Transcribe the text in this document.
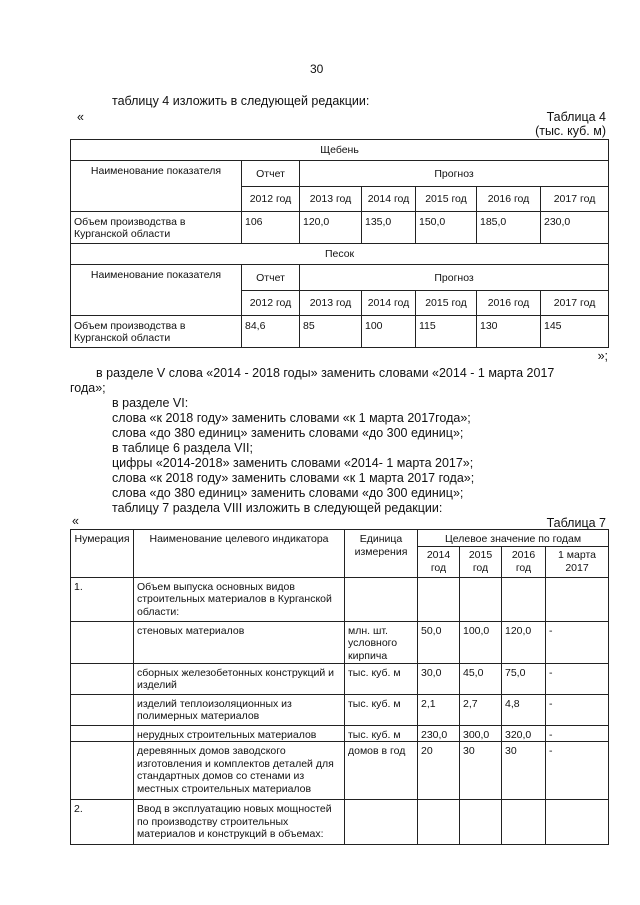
30
таблицу 4 изложить в следующей редакции:
«	Таблица 4
(тыс. куб. м)
Щебень						
Наименование показателя	Отчет	Прогноз				
	2012 год	2013 год	2014 год	2015 год	2016 год	2017 год
Объем производства в Курганской области	106	120,0	135,0	150,0	185,0	230,0
Песок						
Наименование показателя	Отчет	Прогноз				
	2012 год	2013 год	2014 год	2015 год	2016 год	2017 год
Объем производства в Курганской области	84,6	85	100	115	130	145
»;
в разделе V слова «2014 - 2018 годы» заменить словами «2014 - 1 марта 2017
года»;
в разделе VI:
слова «к 2018 году» заменить словами «к 1 марта 2017года»;
слова «до 380 единиц» заменить словами «до 300 единиц»;
в таблице 6 раздела VII;
цифры «2014-2018» заменить словами «2014- 1 марта 2017»;
слова «к 2018 году» заменить словами «к 1 марта 2017 года»;
слова «до 380 единиц» заменить словами «до 300 единиц»;
таблицу 7 раздела VIII изложить в следующей редакции:
«	Таблица 7
Нумерация	Наименование целевого индикатора	Единица измерения	Целевое значение по годам			
			2014 год	2015 год	2016 год	1 марта 2017
1.	Объем выпуска основных видов строительных материалов в Курганской области:					
	стеновых материалов	млн. шт. условного кирпича	50,0	100,0	120,0	-
	сборных железобетонных конструкций и изделий	тыс. куб. м	30,0	45,0	75,0	-
	изделий теплоизоляционных из полимерных материалов	тыс. куб. м	2,1	2,7	4,8	-
	нерудных строительных материалов	тыс. куб. м	230,0	300,0	320,0	-
	деревянных домов заводского изготовления и комплектов деталей для стандартных домов со стенами из местных строительных материалов	домов в год	20	30	30	-
2.	Ввод в эксплуатацию новых мощностей по производству строительных материалов и конструкций в объемах:					
